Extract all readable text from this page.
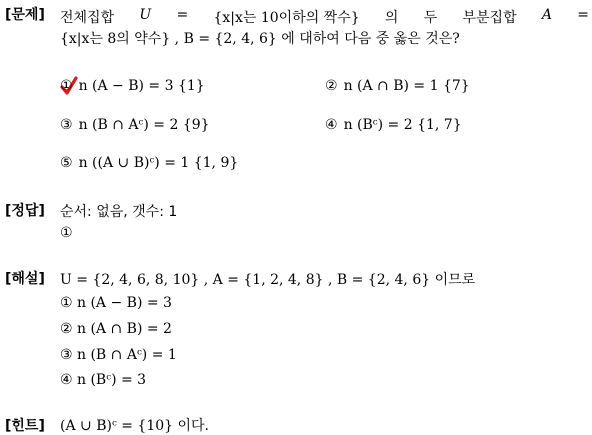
[문제] 전체집합 U = {x|x는 10이하의 짝수} 의 두 부분집합 A =
{x|x는 8의 약수} , B = {2, 4, 6} 에 대하여 다음 중 옳은 것은?
① n (A − B) = 3 {1}	② n (A ∩ B) = 1 {7}
③ n (B ∩ Aᶜ) = 2 {9}	④ n (Bᶜ) = 2 {1, 7}
⑤ n ((A ∪ B)ᶜ) = 1 {1, 9}
[정답] 순서: 없음, 갯수: 1
①
[해설] U = {2, 4, 6, 8, 10} , A = {1, 2, 4, 8} , B = {2, 4, 6} 이므로
① n (A − B) = 3
② n (A ∩ B) = 2
③ n (B ∩ Aᶜ) = 1
④ n (Bᶜ) = 3
[힌트] (A ∪ B)ᶜ = {10} 이다.
